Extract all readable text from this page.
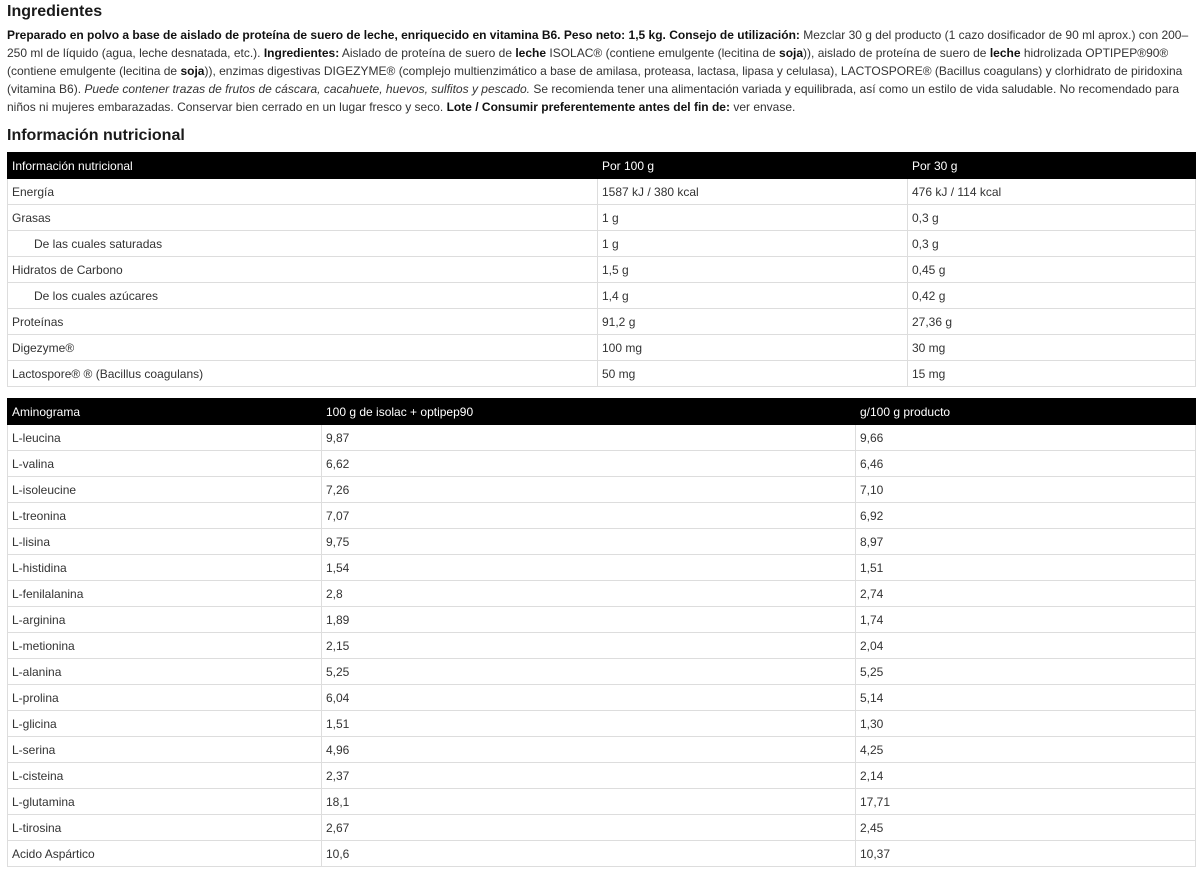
Ingredientes

Preparado en polvo a base de aislado de proteína de suero de leche, enriquecido en vitamina B6. Peso neto: 1,5 kg. Consejo de utilización: Mezclar 30 g del producto (1 cazo dosificador de 90 ml aprox.) con 200–250 ml de líquido (agua, leche desnatada, etc.). Ingredientes: Aislado de proteína de suero de leche ISOLAC® (contiene emulgente (lecitina de soja)), aislado de proteína de suero de leche hidrolizada OPTIPEP®90® (contiene emulgente (lecitina de soja)), enzimas digestivas DIGEZYME® (complejo multienzimático a base de amilasa, proteasa, lactasa, lipasa y celulasa), LACTOSPORE® (Bacillus coagulans) y clorhidrato de piridoxina (vitamina B6). Puede contener trazas de frutos de cáscara, cacahuete, huevos, sulfitos y pescado. Se recomienda tener una alimentación variada y equilibrada, así como un estilo de vida saludable. No recomendado para niños ni mujeres embarazadas. Conservar bien cerrado en un lugar fresco y seco. Lote / Consumir preferentemente antes del fin de: ver envase.

Información nutricional
Información nutricional	Por 100 g	Por 30 g
Energía	1587 kJ / 380 kcal	476 kJ / 114 kcal
Grasas	1 g	0,3 g
De las cuales saturadas	1 g	0,3 g
Hidratos de Carbono	1,5 g	0,45 g
De los cuales azúcares	1,4 g	0,42 g
Proteínas	91,2 g	27,36 g
Digezyme®	100 mg	30 mg
Lactospore® ® (Bacillus coagulans)	50 mg	15 mg
Aminograma	100 g de isolac + optipep90	g/100 g producto
L-leucina	9,87	9,66
L-valina	6,62	6,46
L-isoleucine	7,26	7,10
L-treonina	7,07	6,92
L-lisina	9,75	8,97
L-histidina	1,54	1,51
L-fenilalanina	2,8	2,74
L-arginina	1,89	1,74
L-metionina	2,15	2,04
L-alanina	5,25	5,25
L-prolina	6,04	5,14
L-glicina	1,51	1,30
L-serina	4,96	4,25
L-cisteina	2,37	2,14
L-glutamina	18,1	17,71
L-tirosina	2,67	2,45
Acido Aspártico	10,6	10,37
